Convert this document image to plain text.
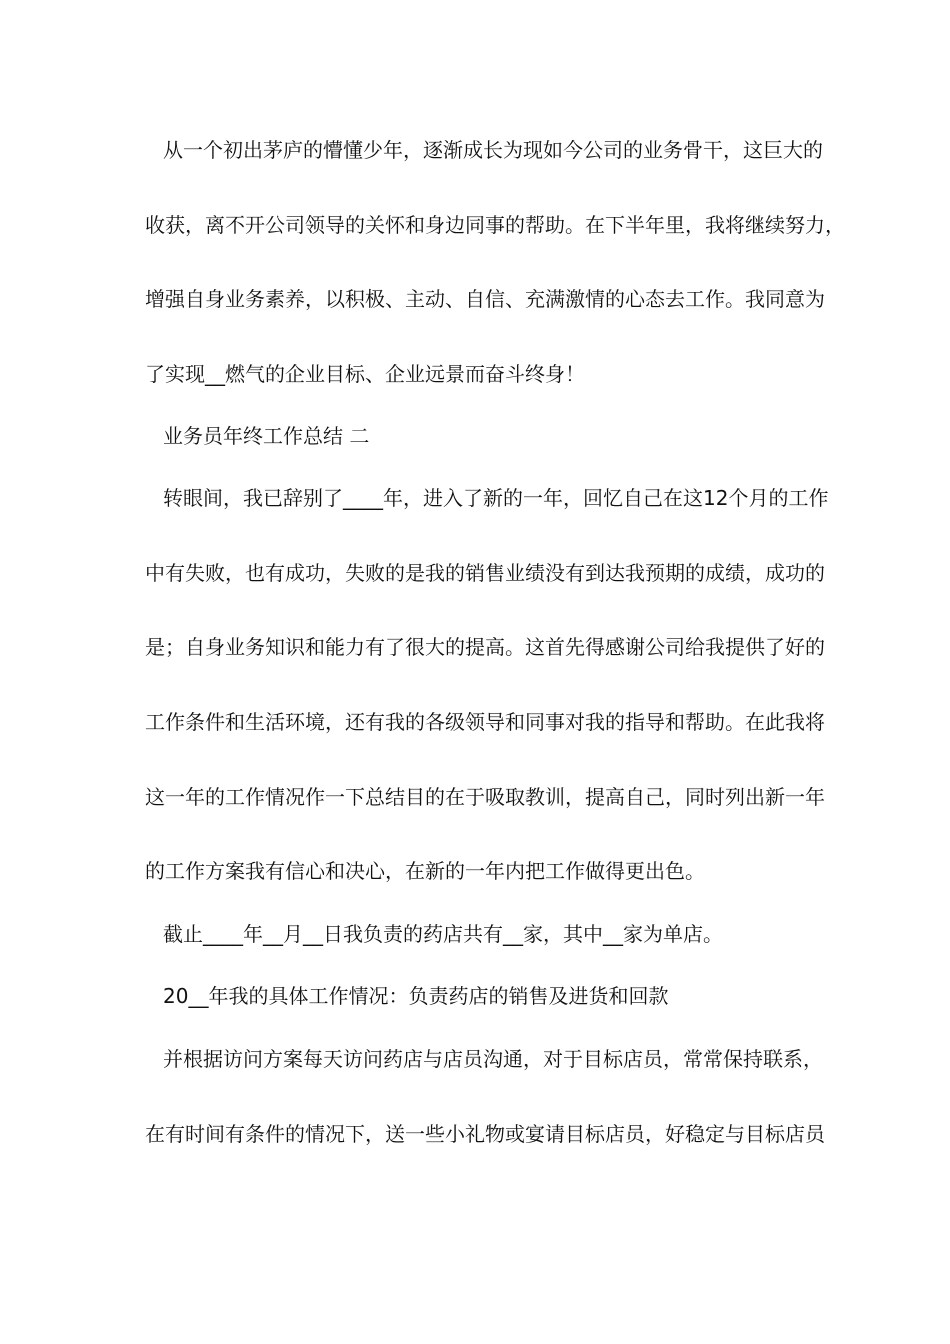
从一个初出茅庐的懵懂少年，逐渐成长为现如今公司的业务骨干，这巨大的
收获，离不开公司领导的关怀和身边同事的帮助。在下半年里，我将继续努力，
增强自身业务素养，以积极、主动、自信、充满激情的心态去工作。我同意为
了实现__燃气的企业目标、企业远景而奋斗终身！
业务员年终工作总结 二
转眼间，我已辞别了____年，进入了新的一年，回忆自己在这12个月的工作
中有失败，也有成功，失败的是我的销售业绩没有到达我预期的成绩，成功的
是；自身业务知识和能力有了很大的提高。这首先得感谢公司给我提供了好的
工作条件和生活环境，还有我的各级领导和同事对我的指导和帮助。在此我将
这一年的工作情况作一下总结目的在于吸取教训，提高自己，同时列出新一年
的工作方案我有信心和决心，在新的一年内把工作做得更出色。
截止____年__月__日我负责的药店共有__家，其中__家为单店。
20__年我的具体工作情况：负责药店的销售及进货和回款
并根据访问方案每天访问药店与店员沟通，对于目标店员，常常保持联系，
在有时间有条件的情况下，送一些小礼物或宴请目标店员，好稳定与目标店员
